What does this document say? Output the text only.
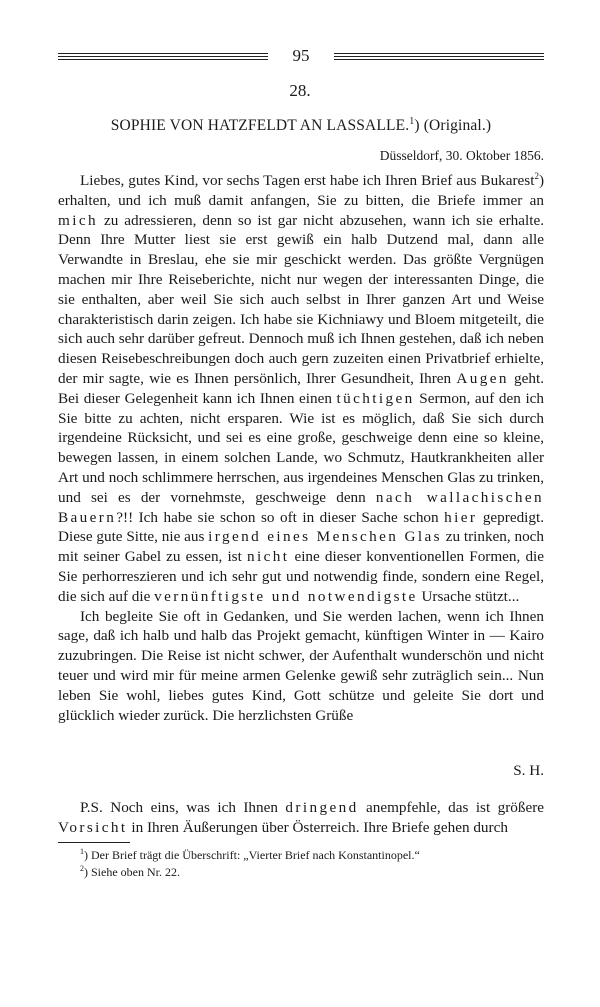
95
28.
SOPHIE VON HATZFELDT AN LASSALLE.$^1$) (Original.)
Düsseldorf, 30. Oktober 1856.

Liebes, gutes Kind, vor sechs Tagen erst habe ich Ihren Brief aus Bukarest$^2$) erhalten, und ich muß damit anfangen, Sie zu bitten, die Briefe immer an mich zu adressieren, denn so ist gar nicht abzusehen, wann ich sie erhalte. Denn Ihre Mutter liest sie erst gewiß ein halb Dutzend mal, dann alle Verwandte in Breslau, ehe sie mir geschickt werden. Das größte Vergnügen machen mir Ihre Reiseberichte, nicht nur wegen der interessanten Dinge, die sie enthalten, aber weil Sie sich auch selbst in Ihrer ganzen Art und Weise charakteristisch darin zeigen. Ich habe sie Kichniawy und Bloem mitgeteilt, die sich auch sehr darüber gefreut. Dennoch muß ich Ihnen gestehen, daß ich neben diesen Reisebeschreibungen doch auch gern zuzeiten einen Privatbrief erhielte, der mir sagte, wie es Ihnen persönlich, Ihrer Gesundheit, Ihren Augen geht. Bei dieser Gelegenheit kann ich Ihnen einen tüchtigen Sermon, auf den ich Sie bitte zu achten, nicht ersparen. Wie ist es möglich, daß Sie sich durch irgendeine Rücksicht, und sei es eine große, geschweige denn eine so kleine, bewegen lassen, in einem solchen Lande, wo Schmutz, Hautkrankheiten aller Art und noch schlimmere herrschen, aus irgendeines Menschen Glas zu trinken, und sei es der vornehmste, geschweige denn nach wallachischen Bauern?!! Ich habe sie schon so oft in dieser Sache schon hier gepredigt. Diese gute Sitte, nie aus irgend eines Menschen Glas zu trinken, noch mit seiner Gabel zu essen, ist nicht eine dieser konventionellen Formen, die Sie perhorreszieren und ich sehr gut und notwendig finde, sondern eine Regel, die sich auf die vernünftigste und notwendigste Ursache stützt...

Ich begleite Sie oft in Gedanken, und Sie werden lachen, wenn ich Ihnen sage, daß ich halb und halb das Projekt gemacht, künftigen Winter in — Kairo zuzubringen. Die Reise ist nicht schwer, der Aufenthalt wunderschön und nicht teuer und wird mir für meine armen Gelenke gewiß sehr zuträglich sein... Nun leben Sie wohl, liebes gutes Kind, Gott schütze und geleite Sie dort und glücklich wieder zurück. Die herzlichsten Grüße

S. H.

P.S. Noch eins, was ich Ihnen dringend anempfehle, das ist größere Vorsicht in Ihren Äußerungen über Österreich. Ihre Briefe gehen durch

$^1$) Der Brief trägt die Überschrift: „Vierter Brief nach Konstantinopel.“
$^2$) Siehe oben Nr. 22.
